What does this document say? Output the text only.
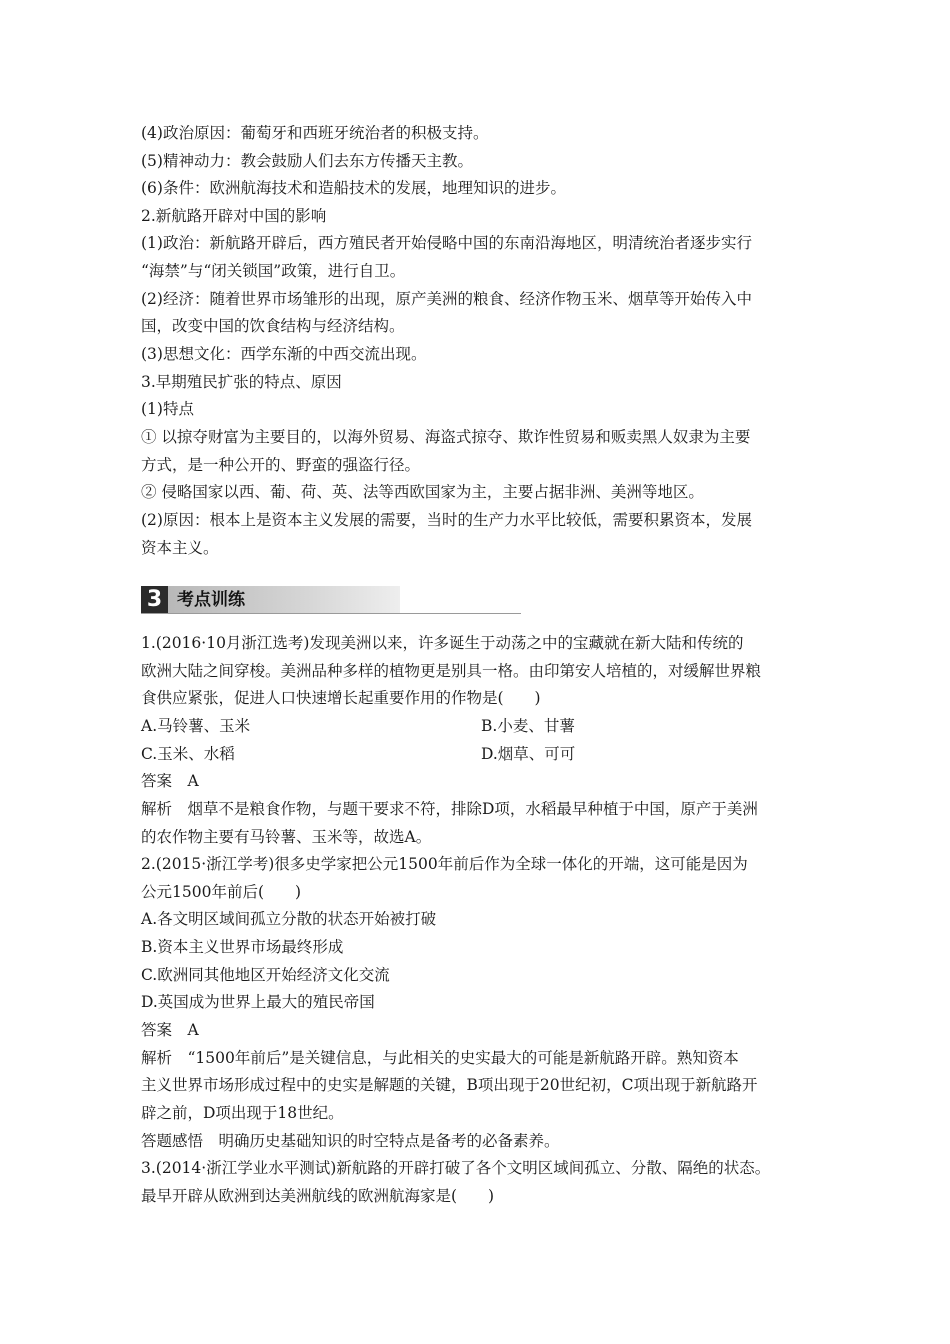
(4)政治原因：葡萄牙和西班牙统治者的积极支持。
(5)精神动力：教会鼓励人们去东方传播天主教。
(6)条件：欧洲航海技术和造船技术的发展，地理知识的进步。
2.新航路开辟对中国的影响
(1)政治：新航路开辟后，西方殖民者开始侵略中国的东南沿海地区，明清统治者逐步实行
“海禁”与“闭关锁国”政策，进行自卫。
(2)经济：随着世界市场雏形的出现，原产美洲的粮食、经济作物玉米、烟草等开始传入中
国，改变中国的饮食结构与经济结构。
(3)思想文化：西学东渐的中西交流出现。
3.早期殖民扩张的特点、原因
(1)特点
① 以掠夺财富为主要目的，以海外贸易、海盗式掠夺、欺诈性贸易和贩卖黑人奴隶为主要
方式，是一种公开的、野蛮的强盗行径。
② 侵略国家以西、葡、荷、英、法等西欧国家为主，主要占据非洲、美洲等地区。
(2)原因：根本上是资本主义发展的需要，当时的生产力水平比较低，需要积累资本，发展
资本主义。
3 考点训练
1.(2016·10月浙江选考)发现美洲以来，许多诞生于动荡之中的宝藏就在新大陆和传统的
欧洲大陆之间穿梭。美洲品种多样的植物更是别具一格。由印第安人培植的，对缓解世界粮
食供应紧张，促进人口快速增长起重要作用的作物是(　　)
A.马铃薯、玉米	B.小麦、甘薯
C.玉米、水稻	D.烟草、可可
答案　A
解析　烟草不是粮食作物，与题干要求不符，排除D项，水稻最早种植于中国，原产于美洲
的农作物主要有马铃薯、玉米等，故选A。
2.(2015·浙江学考)很多史学家把公元1500年前后作为全球一体化的开端，这可能是因为
公元1500年前后(　　)
A.各文明区域间孤立分散的状态开始被打破
B.资本主义世界市场最终形成
C.欧洲同其他地区开始经济文化交流
D.英国成为世界上最大的殖民帝国
答案　A
解析　“1500年前后”是关键信息，与此相关的史实最大的可能是新航路开辟。熟知资本
主义世界市场形成过程中的史实是解题的关键，B项出现于20世纪初，C项出现于新航路开
辟之前，D项出现于18世纪。
答题感悟　明确历史基础知识的时空特点是备考的必备素养。
3.(2014·浙江学业水平测试)新航路的开辟打破了各个文明区域间孤立、分散、隔绝的状态。
最早开辟从欧洲到达美洲航线的欧洲航海家是(　　)
